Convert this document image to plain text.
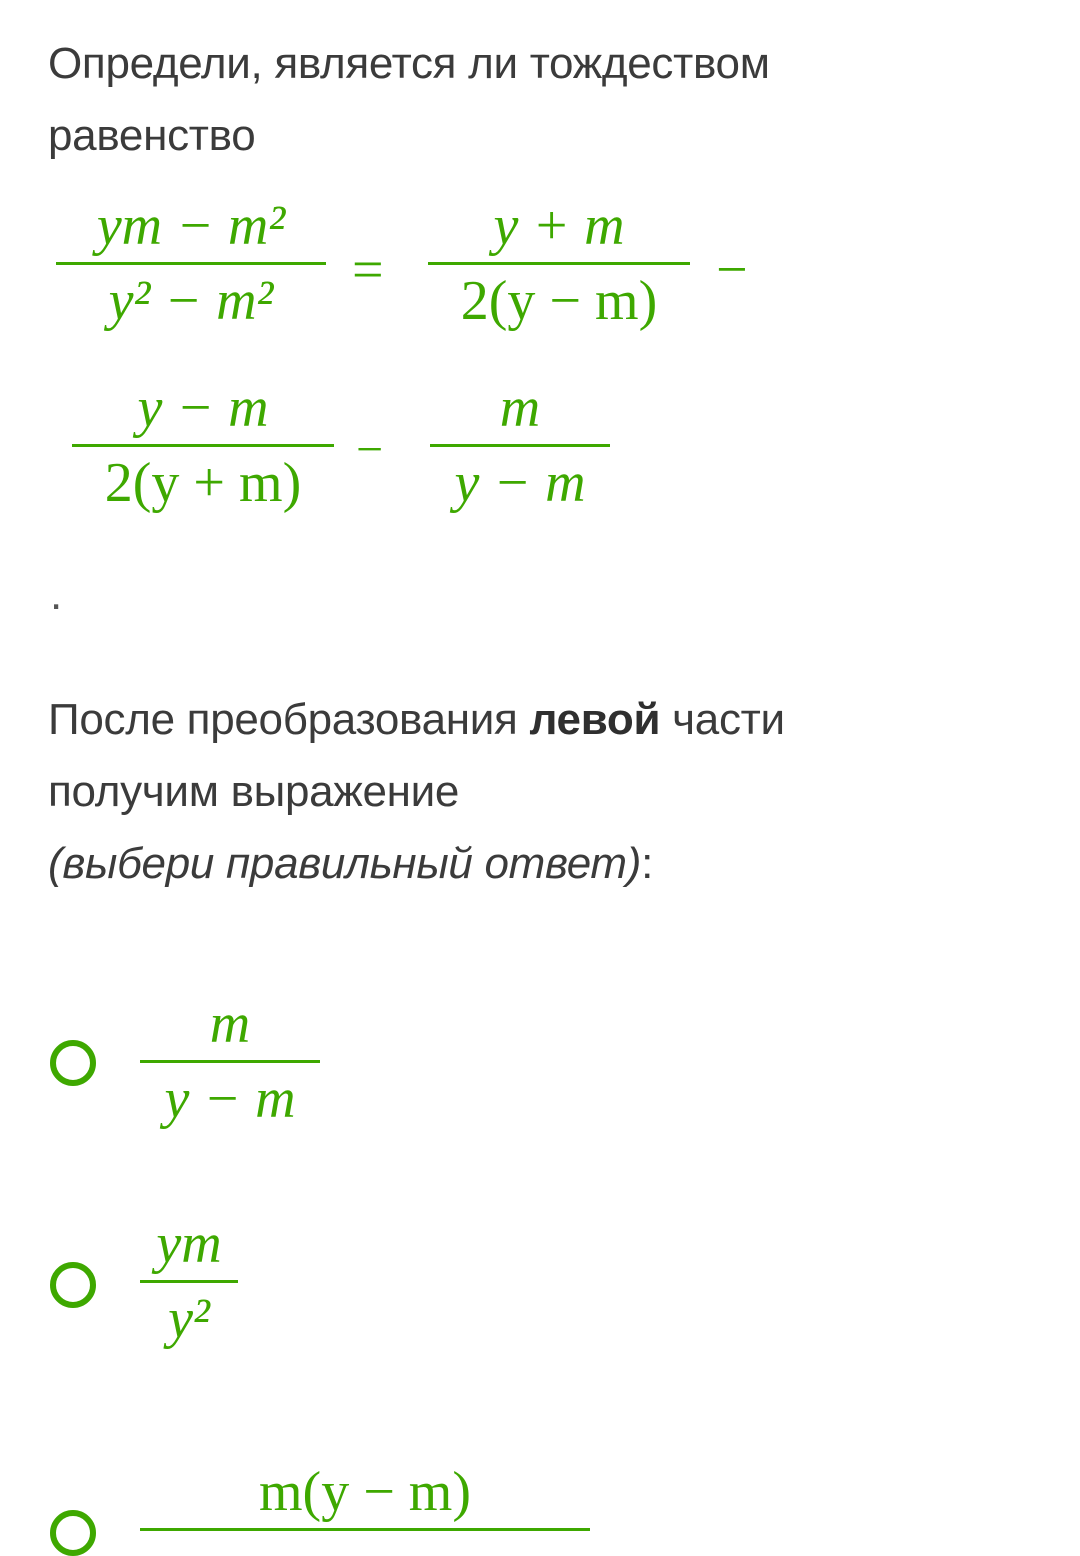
Определи, является ли тождеством
равенство
ym − m²
y² − m²	=
y + m
2(y − m)	−
y − m
2(y + m)
−
m
y − m
.
После преобразования левой части
получим выражение
(выбери правильный ответ):
m
y − m
ym
y²
m(y − m)
